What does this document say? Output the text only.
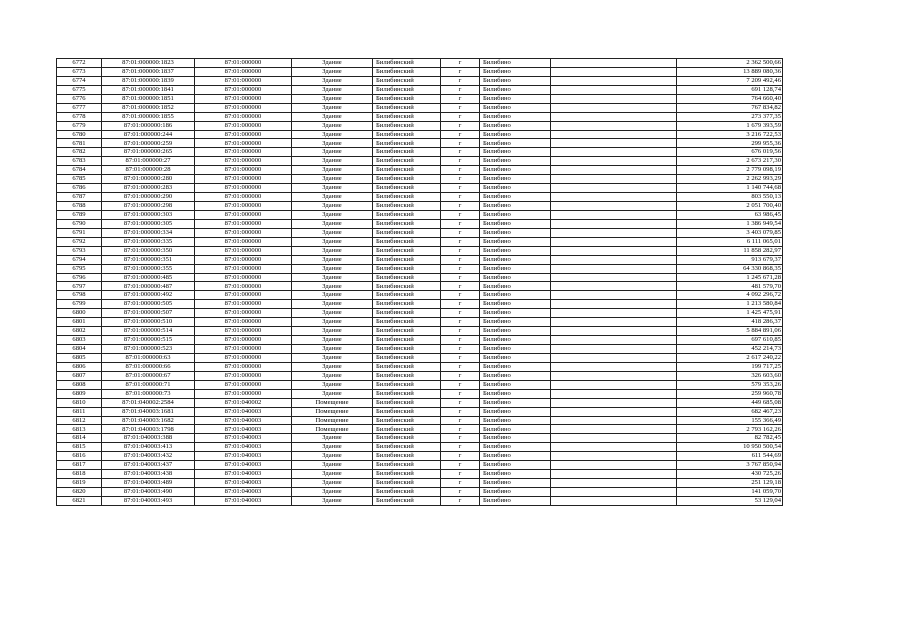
6772	87:01:000000:1823	87:01:000000	Здание	Билибинский	г	Билибино		2 362 500,66
6773	87:01:000000:1837	87:01:000000	Здание	Билибинский	г	Билибино		13 889 080,36
6774	87:01:000000:1839	87:01:000000	Здание	Билибинский	г	Билибино		7 209 492,46
6775	87:01:000000:1841	87:01:000000	Здание	Билибинский	г	Билибино		691 128,74
6776	87:01:000000:1851	87:01:000000	Здание	Билибинский	г	Билибино		764 660,40
6777	87:01:000000:1852	87:01:000000	Здание	Билибинский	г	Билибино		767 834,82
6778	87:01:000000:1855	87:01:000000	Здание	Билибинский	г	Билибино		273 377,35
6779	87:01:000000:186	87:01:000000	Здание	Билибинский	г	Билибино		1 679 393,59
6780	87:01:000000:244	87:01:000000	Здание	Билибинский	г	Билибино		3 216 722,53
6781	87:01:000000:259	87:01:000000	Здание	Билибинский	г	Билибино		299 955,36
6782	87:01:000000:265	87:01:000000	Здание	Билибинский	г	Билибино		676 019,56
6783	87:01:000000:27	87:01:000000	Здание	Билибинский	г	Билибино		2 673 217,30
6784	87:01:000000:28	87:01:000000	Здание	Билибинский	г	Билибино		2 779 098,19
6785	87:01:000000:280	87:01:000000	Здание	Билибинский	г	Билибино		2 262 993,29
6786	87:01:000000:283	87:01:000000	Здание	Билибинский	г	Билибино		1 140 744,68
6787	87:01:000000:290	87:01:000000	Здание	Билибинский	г	Билибино		803 550,13
6788	87:01:000000:298	87:01:000000	Здание	Билибинский	г	Билибино		2 051 700,40
6789	87:01:000000:303	87:01:000000	Здание	Билибинский	г	Билибино		63 986,45
6790	87:01:000000:305	87:01:000000	Здание	Билибинский	г	Билибино		1 386 949,54
6791	87:01:000000:334	87:01:000000	Здание	Билибинский	г	Билибино		3 403 079,85
6792	87:01:000000:335	87:01:000000	Здание	Билибинский	г	Билибино		6 111 065,01
6793	87:01:000000:350	87:01:000000	Здание	Билибинский	г	Билибино		11 858 282,97
6794	87:01:000000:351	87:01:000000	Здание	Билибинский	г	Билибино		913 679,37
6795	87:01:000000:355	87:01:000000	Здание	Билибинский	г	Билибино		64 330 868,35
6796	87:01:000000:485	87:01:000000	Здание	Билибинский	г	Билибино		1 245 671,28
6797	87:01:000000:487	87:01:000000	Здание	Билибинский	г	Билибино		481 579,70
6798	87:01:000000:492	87:01:000000	Здание	Билибинский	г	Билибино		4 092 296,72
6799	87:01:000000:505	87:01:000000	Здание	Билибинский	г	Билибино		1 213 580,84
6800	87:01:000000:507	87:01:000000	Здание	Билибинский	г	Билибино		1 425 475,91
6801	87:01:000000:510	87:01:000000	Здание	Билибинский	г	Билибино		418 286,37
6802	87:01:000000:514	87:01:000000	Здание	Билибинский	г	Билибино		5 884 891,06
6803	87:01:000000:515	87:01:000000	Здание	Билибинский	г	Билибино		697 610,85
6804	87:01:000000:523	87:01:000000	Здание	Билибинский	г	Билибино		452 214,73
6805	87:01:000000:63	87:01:000000	Здание	Билибинский	г	Билибино		2 617 240,22
6806	87:01:000000:66	87:01:000000	Здание	Билибинский	г	Билибино		199 717,25
6807	87:01:000000:67	87:01:000000	Здание	Билибинский	г	Билибино		326 603,60
6808	87:01:000000:71	87:01:000000	Здание	Билибинский	г	Билибино		579 353,26
6809	87:01:000000:73	87:01:000000	Здание	Билибинский	г	Билибино		259 960,78
6810	87:01:040002:2584	87:01:040002	Помещение	Билибинский	г	Билибино		449 685,08
6811	87:01:040003:1681	87:01:040003	Помещение	Билибинский	г	Билибино		682 467,23
6812	87:01:040003:1682	87:01:040003	Помещение	Билибинский	г	Билибино		155 366,49
6813	87:01:040003:1798	87:01:040003	Помещение	Билибинский	г	Билибино		2 793 162,26
6814	87:01:040003:388	87:01:040003	Здание	Билибинский	г	Билибино		82 782,45
6815	87:01:040003:413	87:01:040003	Здание	Билибинский	г	Билибино		10 950 500,54
6816	87:01:040003:432	87:01:040003	Здание	Билибинский	г	Билибино		611 544,69
6817	87:01:040003:437	87:01:040003	Здание	Билибинский	г	Билибино		3 767 850,94
6818	87:01:040003:438	87:01:040003	Здание	Билибинский	г	Билибино		430 725,26
6819	87:01:040003:489	87:01:040003	Здание	Билибинский	г	Билибино		251 129,18
6820	87:01:040003:490	87:01:040003	Здание	Билибинский	г	Билибино		141 059,70
6821	87:01:040003:493	87:01:040003	Здание	Билибинский	г	Билибино		53 129,04
